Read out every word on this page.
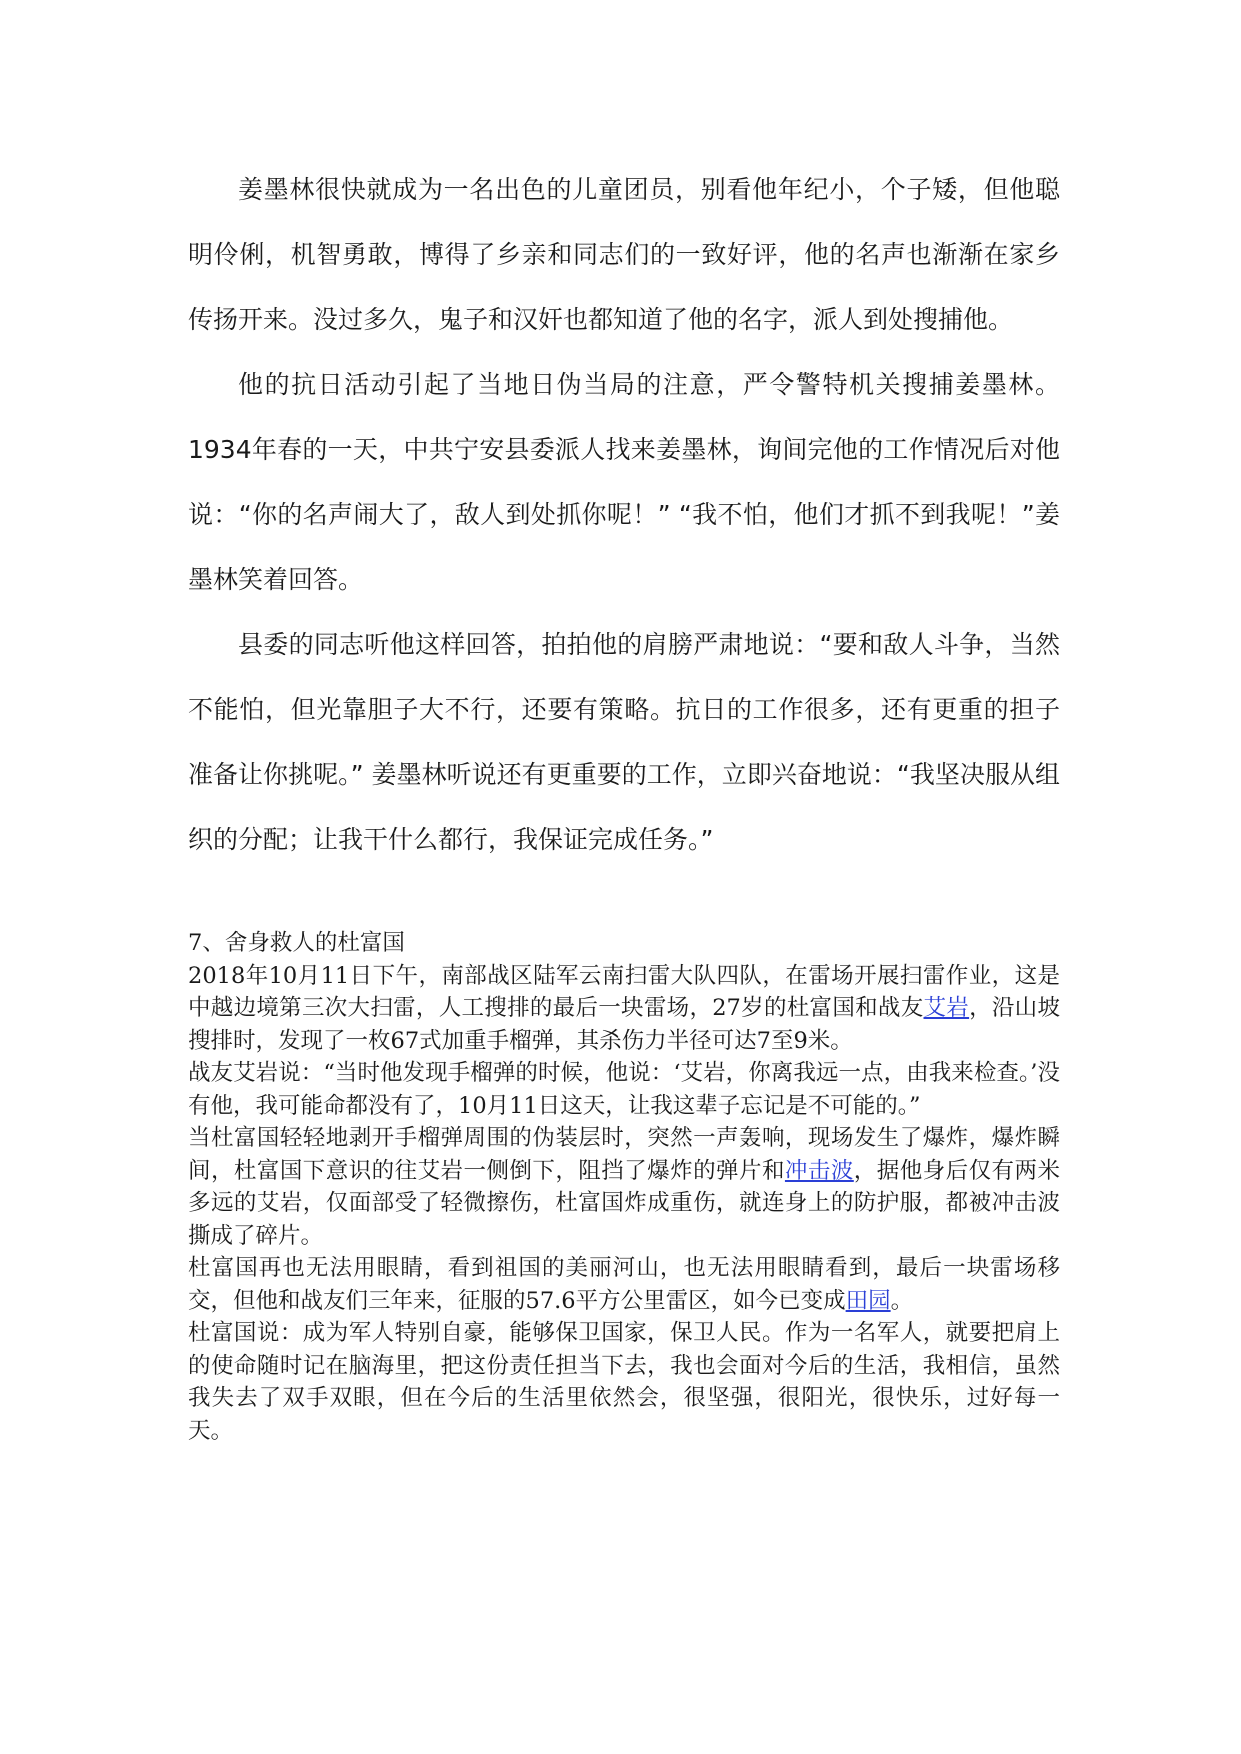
姜墨林很快就成为一名出色的儿童团员，别看他年纪小，个子矮，但他聪明伶俐，机智勇敢，博得了乡亲和同志们的一致好评，他的名声也渐渐在家乡传扬开来。没过多久，鬼子和汉奸也都知道了他的名字，派人到处搜捕他。

他的抗日活动引起了当地日伪当局的注意，严令警特机关搜捕姜墨林。1934年春的一天，中共宁安县委派人找来姜墨林，询间完他的工作情况后对他说：“你的名声闹大了，敌人到处抓你呢！” “我不怕，他们才抓不到我呢！”姜墨林笑着回答。

县委的同志听他这样回答，拍拍他的肩膀严肃地说：“要和敌人斗争，当然不能怕，但光靠胆子大不行，还要有策略。抗日的工作很多，还有更重的担子准备让你挑呢。” 姜墨林听说还有更重要的工作，立即兴奋地说：“我坚决服从组织的分配；让我干什么都行，我保证完成任务。”

7、舍身救人的杜富国

2018年10月11日下午，南部战区陆军云南扫雷大队四队，在雷场开展扫雷作业，这是中越边境第三次大扫雷，人工搜排的最后一块雷场，27岁的杜富国和战友艾岩，沿山坡搜排时，发现了一枚67式加重手榴弹，其杀伤力半径可达7至9米。

战友艾岩说：“当时他发现手榴弹的时候，他说：‘艾岩，你离我远一点，由我来检查。’没有他，我可能命都没有了，10月11日这天，让我这辈子忘记是不可能的。”

当杜富国轻轻地剥开手榴弹周围的伪装层时，突然一声轰响，现场发生了爆炸，爆炸瞬间，杜富国下意识的往艾岩一侧倒下，阻挡了爆炸的弹片和冲击波，据他身后仅有两米多远的艾岩，仅面部受了轻微擦伤，杜富国炸成重伤，就连身上的防护服，都被冲击波撕成了碎片。

杜富国再也无法用眼睛，看到祖国的美丽河山，也无法用眼睛看到，最后一块雷场移交，但他和战友们三年来，征服的57.6平方公里雷区，如今已变成田园。

杜富国说：成为军人特别自豪，能够保卫国家，保卫人民。作为一名军人，就要把肩上的使命随时记在脑海里，把这份责任担当下去，我也会面对今后的生活，我相信，虽然我失去了双手双眼，但在今后的生活里依然会，很坚强，很阳光，很快乐，过好每一天。
